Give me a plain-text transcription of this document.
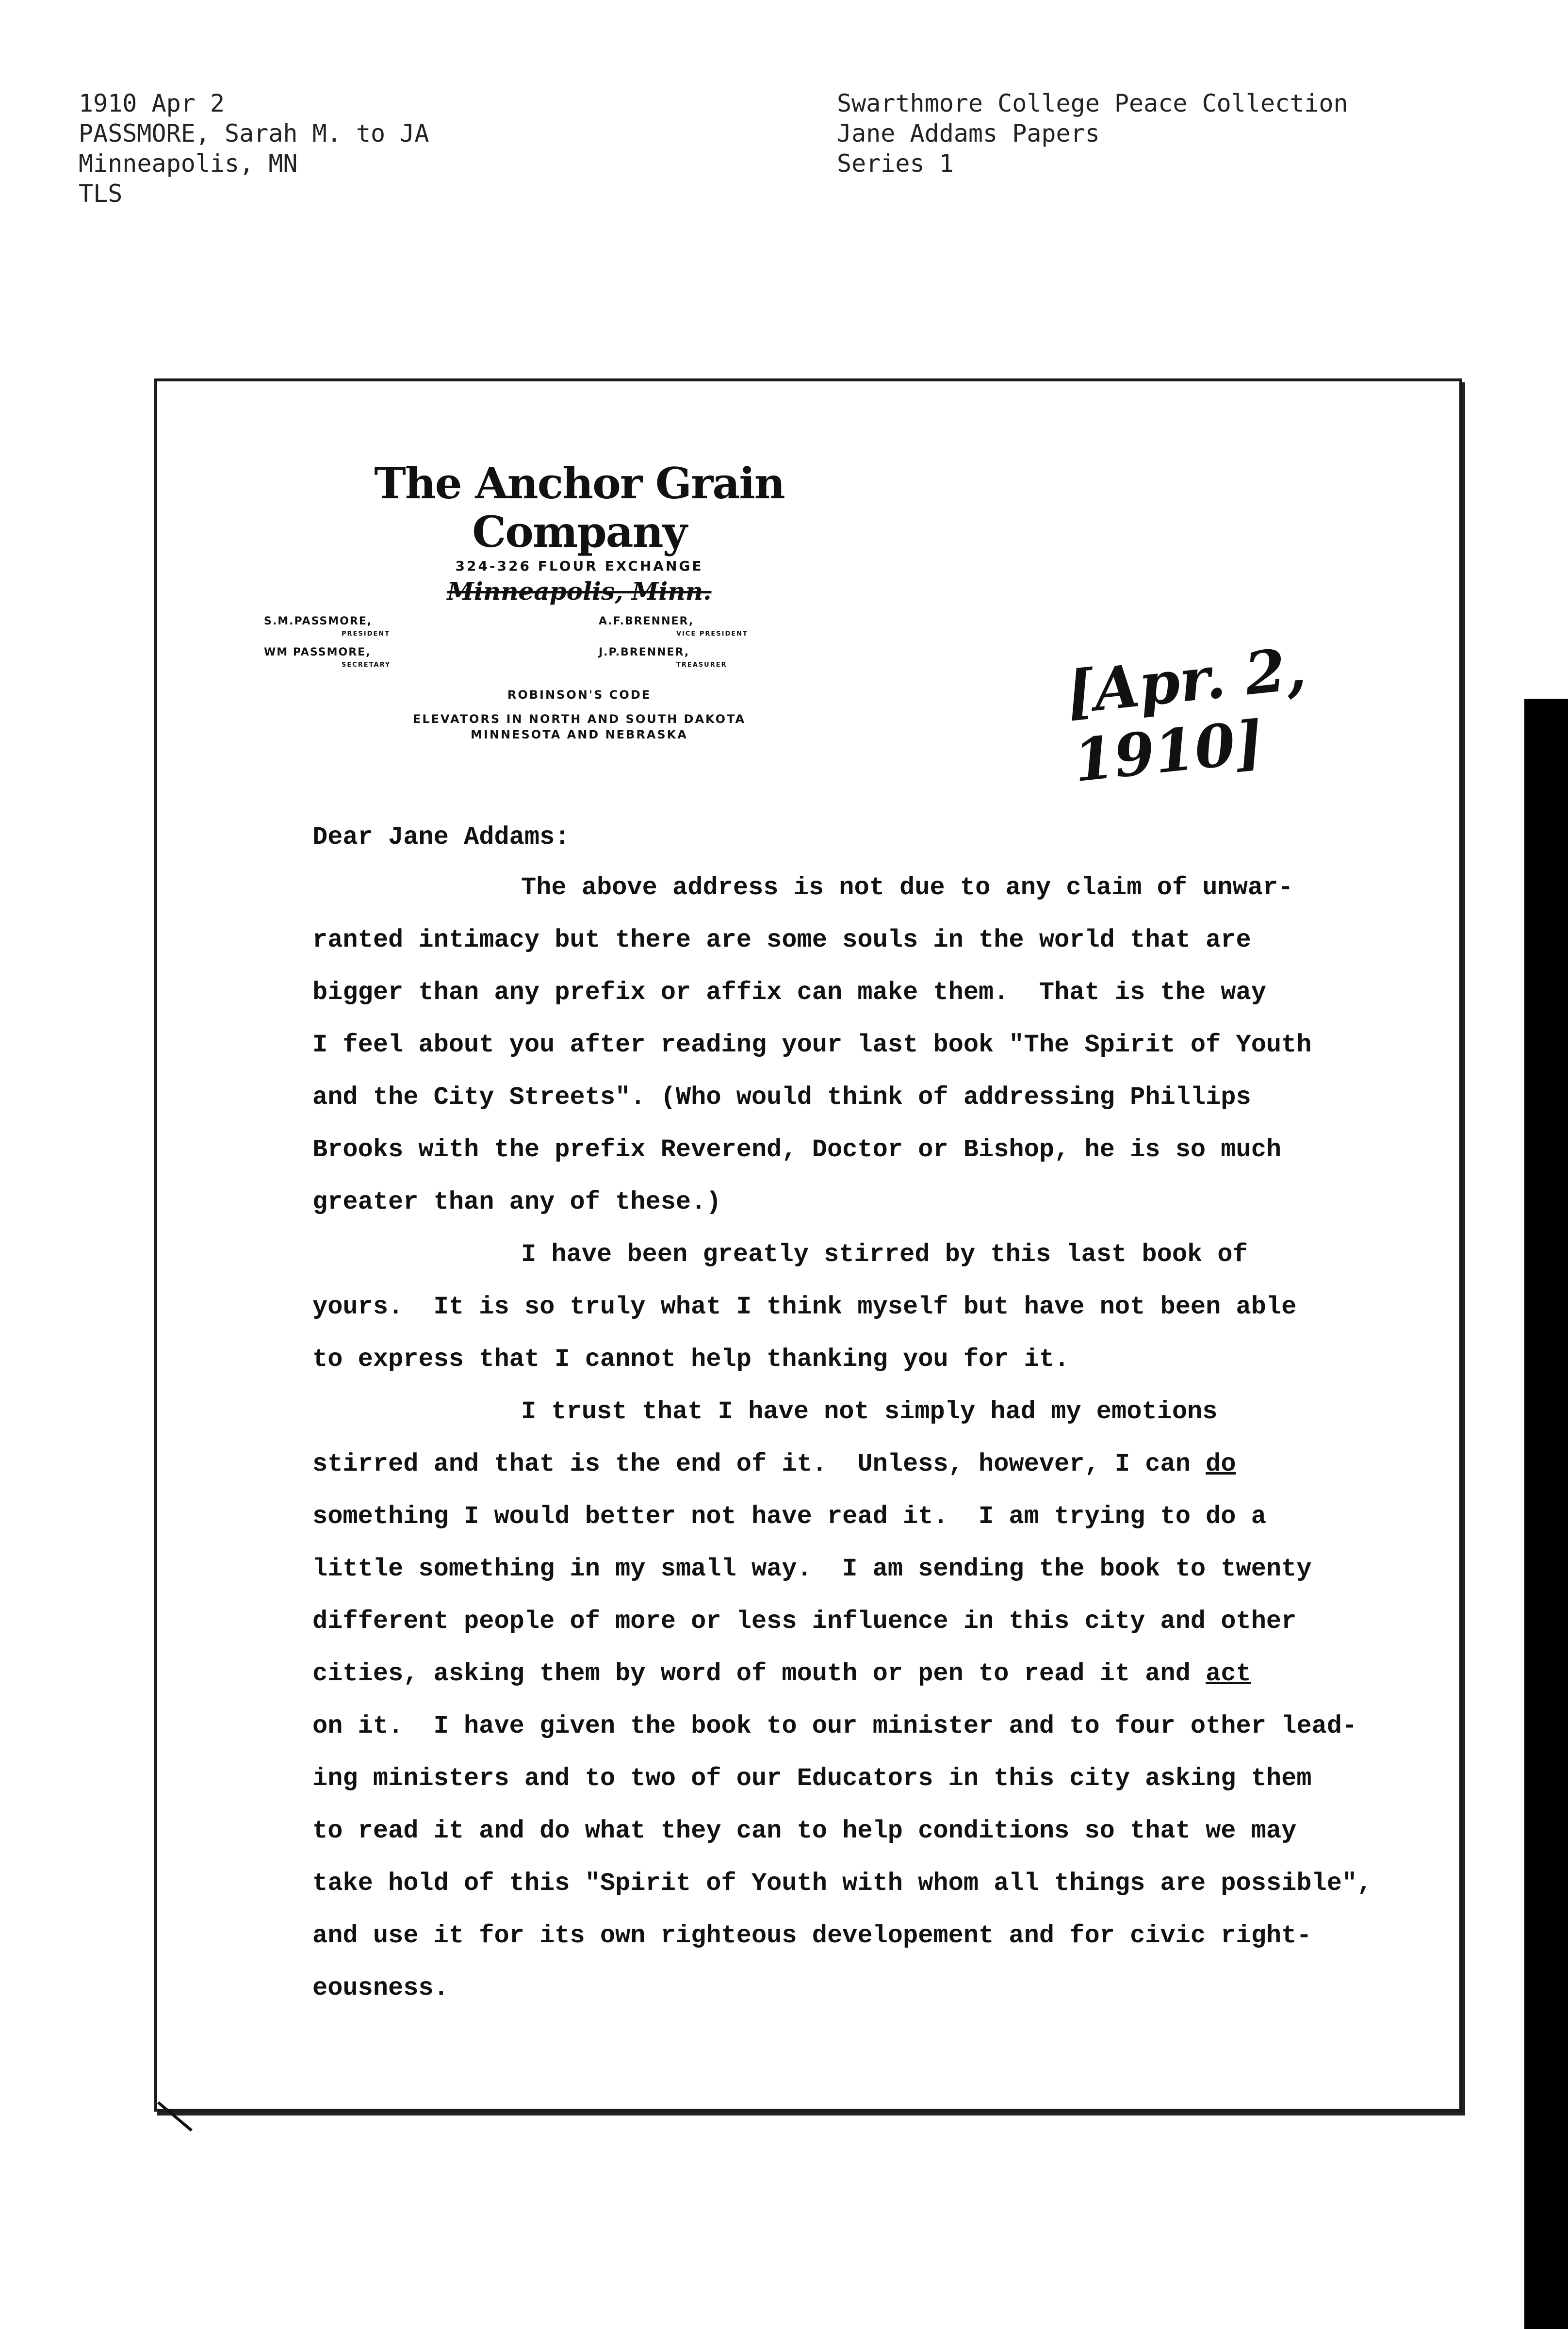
1910 Apr 2
PASSMORE, Sarah M. to JA
Minneapolis, MN
TLS
Swarthmore College Peace Collection
Jane Addams Papers
Series 1
The Anchor Grain Company
324-326 FLOUR EXCHANGE
Minneapolis, Minn.
S.M.PASSMORE,
PRESIDENT
A.F.BRENNER,
VICE PRESIDENT
WM PASSMORE,
SECRETARY
J.P.BRENNER,
TREASURER
ROBINSON'S CODE
ELEVATORS IN NORTH AND SOUTH DAKOTA
MINNESOTA AND NEBRASKA
[Apr. 2, 1910]
Dear Jane Addams:
The above address is not due to any claim of unwar-
ranted intimacy but there are some souls in the world that are
bigger than any prefix or affix can make them.  That is the way
I feel about you after reading your last book "The Spirit of Youth
and the City Streets". (Who would think of addressing Phillips
Brooks with the prefix Reverend, Doctor or Bishop, he is so much
greater than any of these.)
I have been greatly stirred by this last book of
yours.  It is so truly what I think myself but have not been able
to express that I cannot help thanking you for it.
I trust that I have not simply had my emotions
stirred and that is the end of it.  Unless, however, I can do
something I would better not have read it.  I am trying to do a
little something in my small way.  I am sending the book to twenty
different people of more or less influence in this city and other
cities, asking them by word of mouth or pen to read it and act
on it.  I have given the book to our minister and to four other lead-
ing ministers and to two of our Educators in this city asking them
to read it and do what they can to help conditions so that we may
take hold of this "Spirit of Youth with whom all things are possible",
and use it for its own righteous developement and for civic right-
eousness.
